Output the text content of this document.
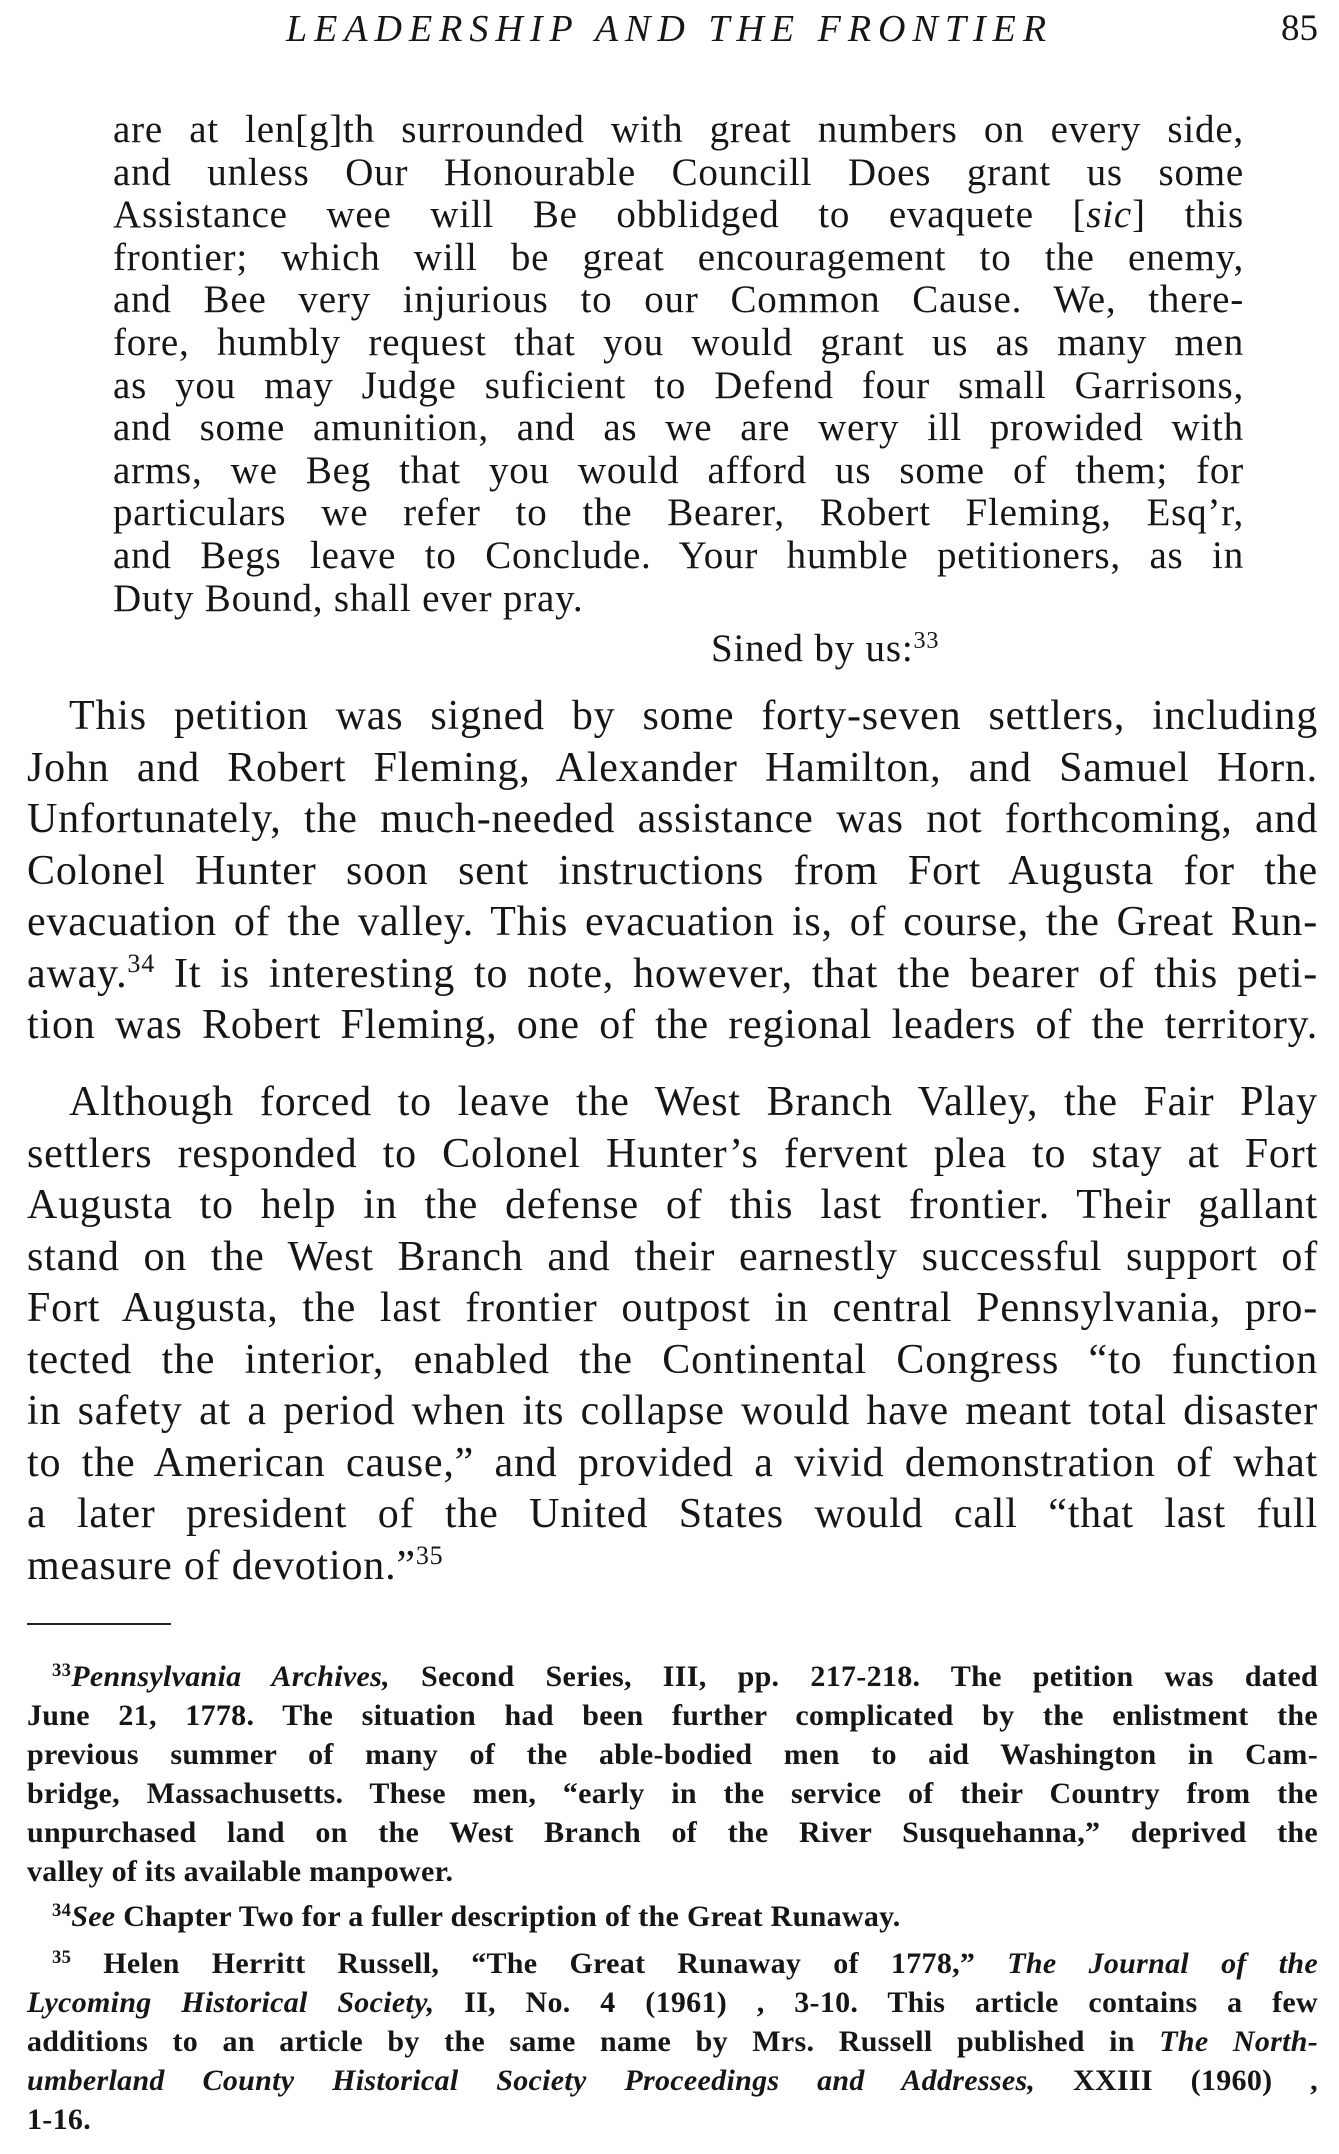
LEADERSHIP AND THE FRONTIER	85
are at len[g]th surrounded with great numbers on every side,
and unless Our Honourable Councill Does grant us some
Assistance wee will Be obblidged to evaquete [sic] this
frontier; which will be great encouragement to the enemy,
and Bee very injurious to our Common Cause. We, there-
fore, humbly request that you would grant us as many men
as you may Judge suficient to Defend four small Garrisons,
and some amunition, and as we are wery ill prowided with
arms, we Beg that you would afford us some of them; for
particulars we refer to the Bearer, Robert Fleming, Esq’r,
and Begs leave to Conclude. Your humble petitioners, as in
Duty Bound, shall ever pray.
Sined by us:$^{33}$
This petition was signed by some forty-seven settlers, including
John and Robert Fleming, Alexander Hamilton, and Samuel Horn.
Unfortunately, the much-needed assistance was not forthcoming, and
Colonel Hunter soon sent instructions from Fort Augusta for the
evacuation of the valley. This evacuation is, of course, the Great Run-
away.$^{34}$ It is interesting to note, however, that the bearer of this peti-
tion was Robert Fleming, one of the regional leaders of the territory.
Although forced to leave the West Branch Valley, the Fair Play
settlers responded to Colonel Hunter’s fervent plea to stay at Fort
Augusta to help in the defense of this last frontier. Their gallant
stand on the West Branch and their earnestly successful support of
Fort Augusta, the last frontier outpost in central Pennsylvania, pro-
tected the interior, enabled the Continental Congress “to function
in safety at a period when its collapse would have meant total disaster
to the American cause,” and provided a vivid demonstration of what
a later president of the United States would call “that last full
measure of devotion.”$^{35}$
$^{33}$Pennsylvania Archives, Second Series, III, pp. 217-218. The petition was dated
June 21, 1778. The situation had been further complicated by the enlistment the
previous summer of many of the able-bodied men to aid Washington in Cam-
bridge, Massachusetts. These men, “early in the service of their Country from the
unpurchased land on the West Branch of the River Susquehanna,” deprived the
valley of its available manpower.
$^{34}$See Chapter Two for a fuller description of the Great Runaway.
$^{35}$ Helen Herritt Russell, “The Great Runaway of 1778,” The Journal of the
Lycoming Historical Society, II, No. 4 (1961) , 3-10. This article contains a few
additions to an article by the same name by Mrs. Russell published in The North-
umberland County Historical Society Proceedings and Addresses, XXIII (1960) ,
1-16.
